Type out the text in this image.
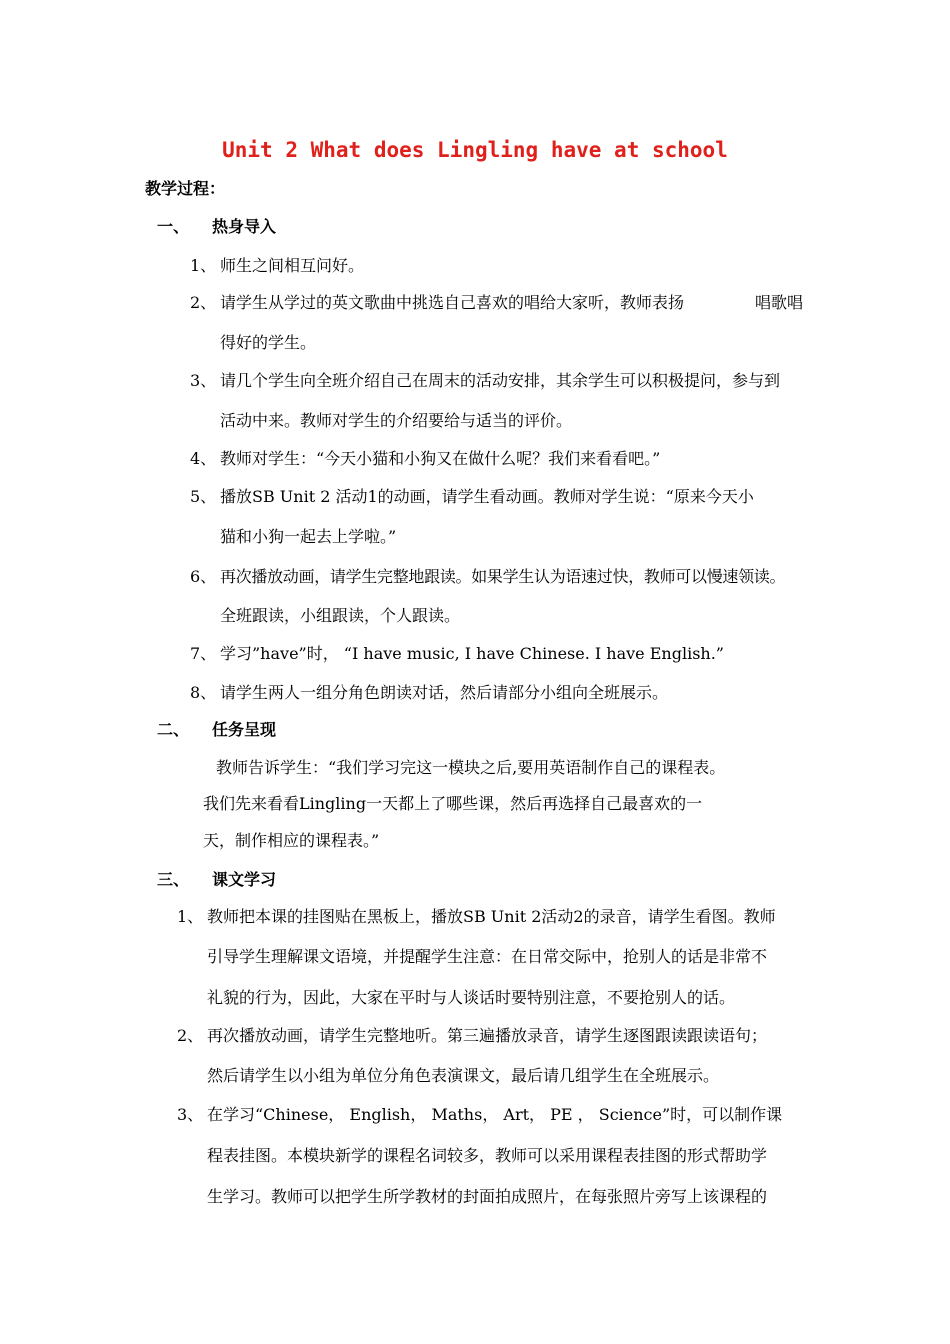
Unit 2 What does Lingling have at school
教学过程：
一、 热身导入
1、 师生之间相互问好。
2、 请学生从学过的英文歌曲中挑选自己喜欢的唱给大家听，教师表扬	唱歌唱
得好的学生。
3、 请几个学生向全班介绍自己在周末的活动安排，其余学生可以积极提问，参与到
活动中来。教师对学生的介绍要给与适当的评价。
4、 教师对学生：“今天小猫和小狗又在做什么呢？我们来看看吧。”
5、 播放SB Unit 2 活动1的动画，请学生看动画。教师对学生说：“原来今天小
猫和小狗一起去上学啦。”
6、 再次播放动画，请学生完整地跟读。如果学生认为语速过快，教师可以慢速领读。
全班跟读，小组跟读，个人跟读。
7、 学习”have”时， “I have music, I have Chinese. I have English.”
8、 请学生两人一组分角色朗读对话，然后请部分小组向全班展示。
二、 任务呈现
教师告诉学生：“我们学习完这一模块之后,要用英语制作自己的课程表。
我们先来看看Lingling一天都上了哪些课，然后再选择自己最喜欢的一
天，制作相应的课程表。”
三、 课文学习
1、 教师把本课的挂图贴在黑板上，播放SB Unit 2活动2的录音，请学生看图。教师
引导学生理解课文语境，并提醒学生注意：在日常交际中，抢别人的话是非常不
礼貌的行为，因此，大家在平时与人谈话时要特别注意，不要抢别人的话。
2、 再次播放动画，请学生完整地听。第三遍播放录音，请学生逐图跟读跟读语句；
然后请学生以小组为单位分角色表演课文，最后请几组学生在全班展示。
3、 在学习“Chinese， English， Maths， Art， PE ， Science”时，可以制作课
程表挂图。本模块新学的课程名词较多，教师可以采用课程表挂图的形式帮助学
生学习。教师可以把学生所学教材的封面拍成照片，在每张照片旁写上该课程的
